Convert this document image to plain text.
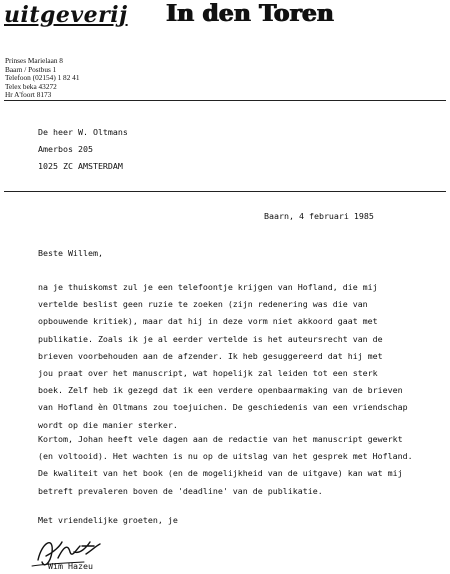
uitgeverij In den Toren
Prinses Marielaan 8
Baarn / Postbus 1
Telefoon (02154) 1 82 41
Telex beka 43272
Hr A'foort 8173
De heer W. Oltmans
Amerbos 205
1025 ZC AMSTERDAM
Baarn, 4 februari 1985
Beste Willem,
na je thuiskomst zul je een telefoontje krijgen van Hofland, die mij
vertelde beslist geen ruzie te zoeken (zijn redenering was die van
opbouwende kritiek), maar dat hij in deze vorm niet akkoord gaat met
publikatie. Zoals ik je al eerder vertelde is het auteursrecht van de
brieven voorbehouden aan de afzender. Ik heb gesuggereerd dat hij met
jou praat over het manuscript, wat hopelijk zal leiden tot een sterk
boek. Zelf heb ik gezegd dat ik een verdere openbaarmaking van de brieven
van Hofland èn Oltmans zou toejuichen. De geschiedenis van een vriendschap
wordt op die manier sterker.
Kortom, Johan heeft vele dagen aan de redactie van het manuscript gewerkt
(en voltooid). Het wachten is nu op de uitslag van het gesprek met Hofland.
De kwaliteit van het book (en de mogelijkheid van de uitgave) kan wat mij
betreft prevaleren boven de 'deadline' van de publikatie.
Met vriendelijke groeten, je
Wim Hazeu
